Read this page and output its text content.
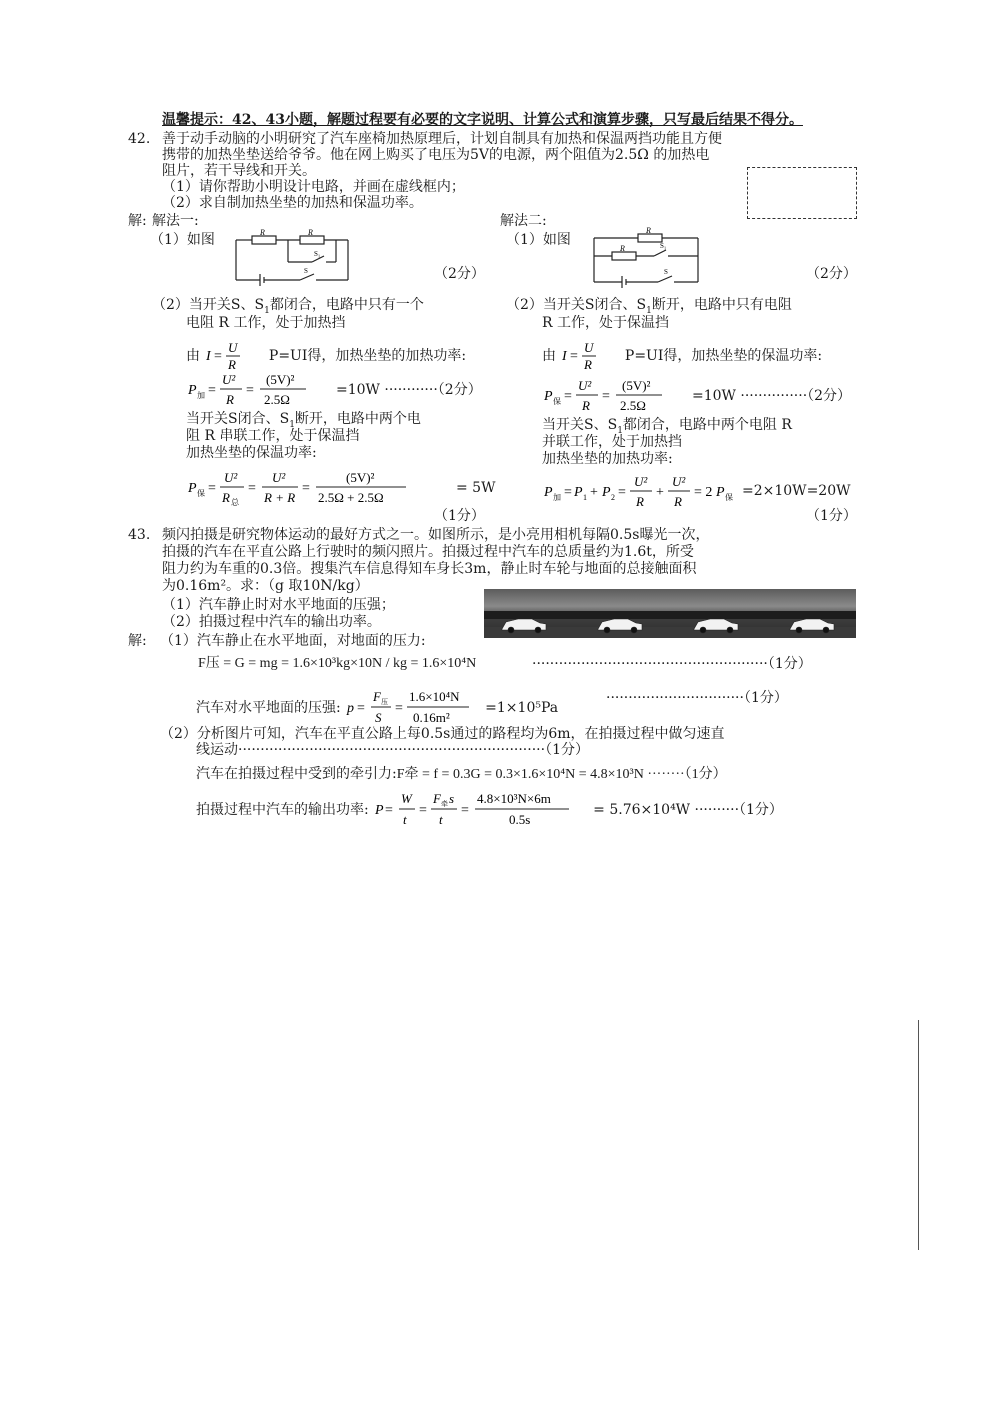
温馨提示：42、43小题，解题过程要有必要的文字说明、计算公式和演算步骤，只写最后结果不得分。
42. 善于动手动脑的小明研究了汽车座椅加热原理后，计划自制具有加热和保温两挡功能且方便
携带的加热坐垫送给爷爷。他在网上购买了电压为5V的电源，两个阻值为2.5Ω 的加热电
阻片，若干导线和开关。
（1）请你帮助小明设计电路，并画在虚线框内；
（2）求自制加热坐垫的加热和保温功率。
解: 解法一:
（1）如图	R	R
S₁
S	（2分）
（2）当开关S、$S_1$都闭合，电路中只有一个
电阻 R 工作，处于加热挡
由 I =
U
R
P=UI得，加热坐垫的加热功率:
P 加 =
U²
R
=
(5V)²
2.5Ω
=10W ············（2分）
当开关S闭合、$S_1$断开，电路中两个电
阻 R 串联工作，处于保温挡
加热坐垫的保温功率:
P 保 =
U²
R 总
=
U²
R + R
=
(5V)²
2.5Ω + 2.5Ω
= 5W
（1分）
解法二:
（1）如图
R
R	S₁
S	（2分）
（2）当开关S闭合、$S_1$断开，电路中只有电阻
R 工作，处于保温挡
由 I =
U
R
P=UI得，加热坐垫的保温功率:
P 保 =
U²
R
=
(5V)²
2.5Ω
=10W ···············（2分）
当开关S、$S_1$都闭合，电路中两个电阻 R
并联工作，处于加热挡
加热坐垫的加热功率:
P 加 = P 1 + P 2 =
U²
R
+
U²
R
= 2 P 保 =2×10W=20W
（1分）
43. 频闪拍摄是研究物体运动的最好方式之一。如图所示，是小亮用相机每隔0.5s曝光一次，
拍摄的汽车在平直公路上行驶时的频闪照片。拍摄过程中汽车的总质量约为1.6t，所受
阻力约为车重的0.3倍。搜集汽车信息得知车身长3m，静止时车轮与地面的总接触面积
为0.16m²。求：（g 取10N/kg）
（1）汽车静止时对水平地面的压强；
（2）拍摄过程中汽车的输出功率。
解: （1）汽车静止在水平地面，对地面的压力:
F压 = G = mg = 1.6×10³kg×10N / kg = 1.6×10⁴N	·····················································（1分）
汽车对水平地面的压强: p =
F 压
S
=
1.6×10⁴N
0.16m²
=1×10⁵Pa
·······························（1分）
（2）分析图片可知，汽车在平直公路上每0.5s通过的路程均为6m，在拍摄过程中做匀速直
线运动·····································································（1分）
汽车在拍摄过程中受到的牵引力:F牵 = f = 0.3G = 0.3×1.6×10⁴N = 4.8×10³N ········（1分）
拍摄过程中汽车的输出功率: P =
W
t
=
F 牵 s
t
=
4.8×10³N×6m
0.5s
= 5.76×10⁴W ··········（1分）
